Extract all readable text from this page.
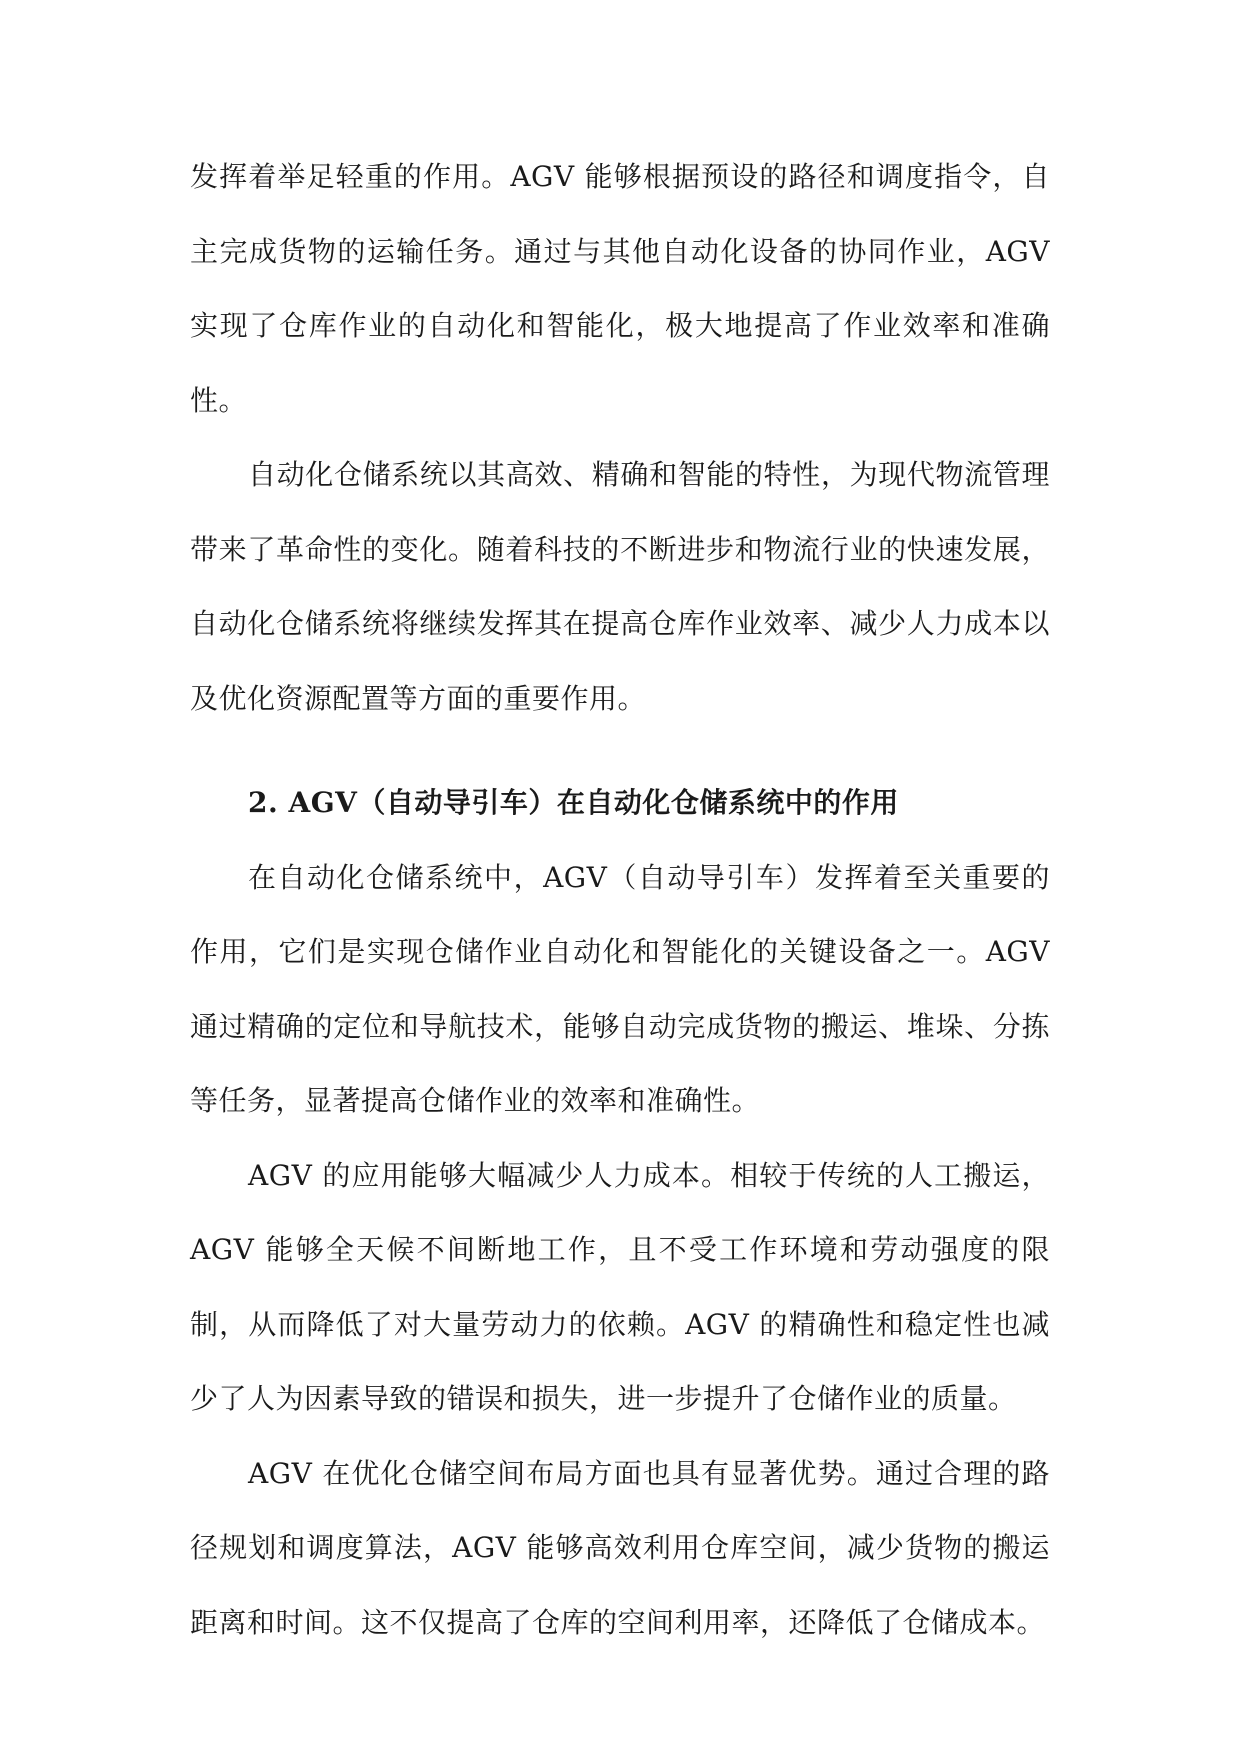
发挥着举足轻重的作用。AGV 能够根据预设的路径和调度指令，自主完成货物的运输任务。通过与其他自动化设备的协同作业，AGV 实现了仓库作业的自动化和智能化，极大地提高了作业效率和准确性。

自动化仓储系统以其高效、精确和智能的特性，为现代物流管理带来了革命性的变化。随着科技的不断进步和物流行业的快速发展，自动化仓储系统将继续发挥其在提高仓库作业效率、减少人力成本以及优化资源配置等方面的重要作用。

2. AGV（自动导引车）在自动化仓储系统中的作用

在自动化仓储系统中，AGV（自动导引车）发挥着至关重要的作用，它们是实现仓储作业自动化和智能化的关键设备之一。AGV 通过精确的定位和导航技术，能够自动完成货物的搬运、堆垛、分拣等任务，显著提高仓储作业的效率和准确性。

AGV 的应用能够大幅减少人力成本。相较于传统的人工搬运，AGV 能够全天候不间断地工作，且不受工作环境和劳动强度的限制，从而降低了对大量劳动力的依赖。AGV 的精确性和稳定性也减少了人为因素导致的错误和损失，进一步提升了仓储作业的质量。

AGV 在优化仓储空间布局方面也具有显著优势。通过合理的路径规划和调度算法，AGV 能够高效利用仓库空间，减少货物的搬运距离和时间。这不仅提高了仓库的空间利用率，还降低了仓储成本。
